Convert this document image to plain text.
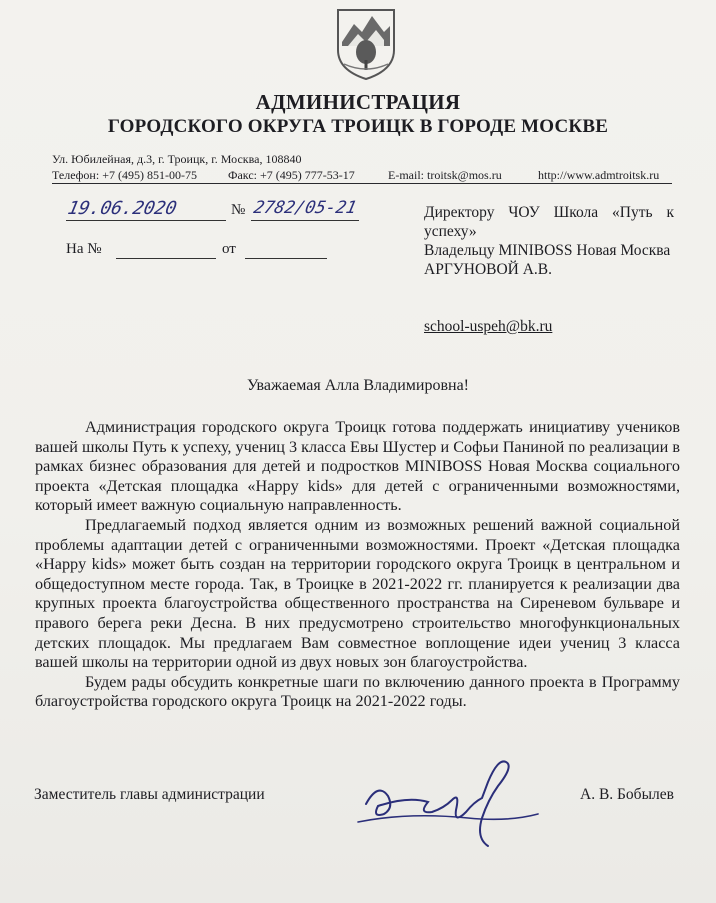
АДМИНИСТРАЦИЯ
ГОРОДСКОГО ОКРУГА ТРОИЦК В ГОРОДЕ МОСКВЕ
Ул. Юбилейная, д.3, г. Троицк, г. Москва, 108840
Телефон: +7 (495) 851-00-75	Факс: +7 (495) 777-53-17	E-mail: troitsk@mos.ru	http://www.admtroitsk.ru
19.06.2020	№ 2782/05-21
На №	от
Директору ЧОУ Школа «Путь к успеху»
Владельцу MINIBOSS Новая Москва
АРГУНОВОЙ А.В.
school-uspeh@bk.ru
Уважаемая Алла Владимировна!

Администрация городского округа Троицк готова поддержать инициативу учеников вашей школы Путь к успеху, учениц 3 класса Евы Шустер и Софьи Паниной по реализации в рамках бизнес образования для детей и подростков MINIBOSS Новая Москва социального проекта «Детская площадка «Happy kids» для детей с ограниченными возможностями, который имеет важную социальную направленность.

Предлагаемый подход является одним из возможных решений важной социальной проблемы адаптации детей с ограниченными возможностями. Проект «Детская площадка «Happy kids» может быть создан на территории городского округа Троицк в центральном и общедоступном месте города. Так, в Троицке в 2021-2022 гг. планируется к реализации два крупных проекта благоустройства общественного пространства на Сиреневом бульваре и правого берега реки Десна. В них предусмотрено строительство многофункциональных детских площадок. Мы предлагаем Вам совместное воплощение идеи учениц 3 класса вашей школы на территории одной из двух новых зон благоустройства.

Будем рады обсудить конкретные шаги по включению данного проекта в Программу благоустройства городского округа Троицк на 2021-2022 годы.

Заместитель главы администрации	А. В. Бобылев
